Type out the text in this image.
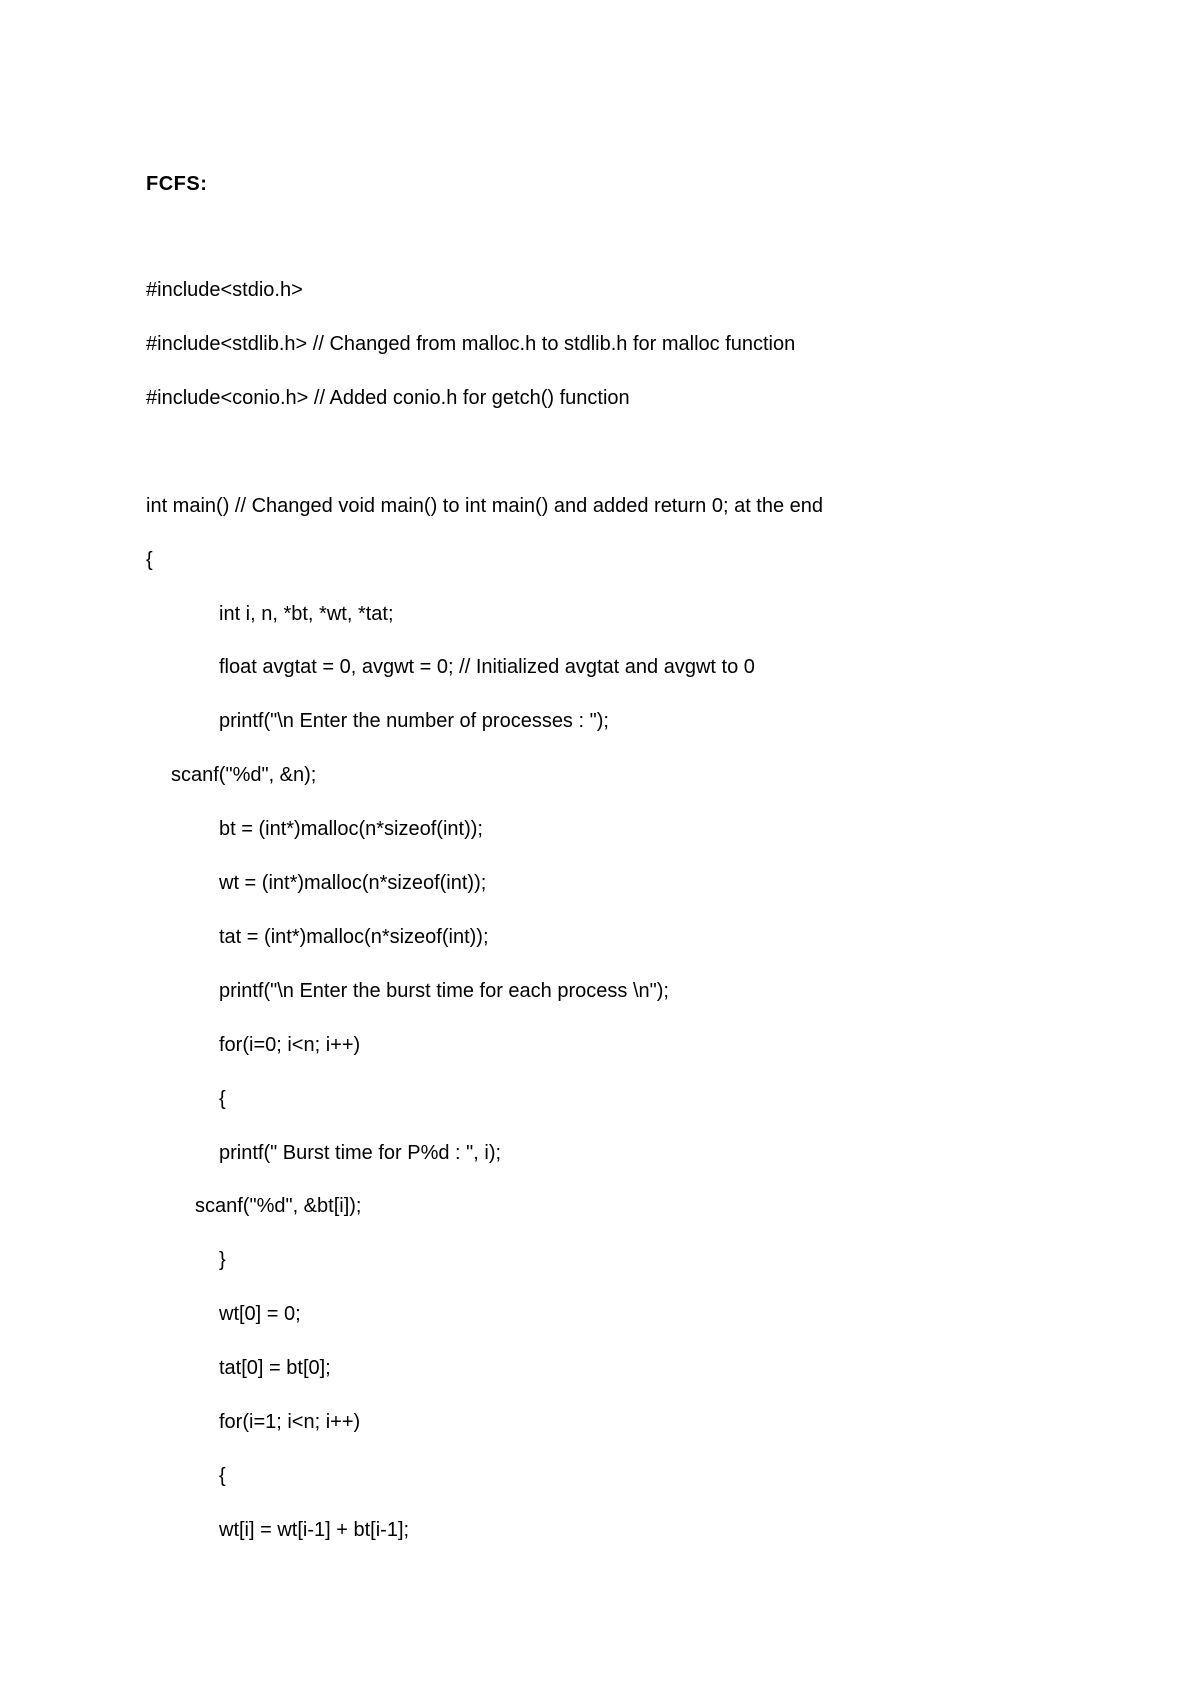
FCFS:
#include<stdio.h>
#include<stdlib.h> // Changed from malloc.h to stdlib.h for malloc function
#include<conio.h> // Added conio.h for getch() function
int main() // Changed void main() to int main() and added return 0; at the end
{
int i, n, *bt, *wt, *tat;
float avgtat = 0, avgwt = 0; // Initialized avgtat and avgwt to 0
printf("\n Enter the number of processes : ");
scanf("%d", &n);
bt = (int*)malloc(n*sizeof(int));
wt = (int*)malloc(n*sizeof(int));
tat = (int*)malloc(n*sizeof(int));
printf("\n Enter the burst time for each process \n");
for(i=0; i<n; i++)
{
printf(" Burst time for P%d : ", i);
scanf("%d", &bt[i]);
}
wt[0] = 0;
tat[0] = bt[0];
for(i=1; i<n; i++)
{
wt[i] = wt[i-1] + bt[i-1];
